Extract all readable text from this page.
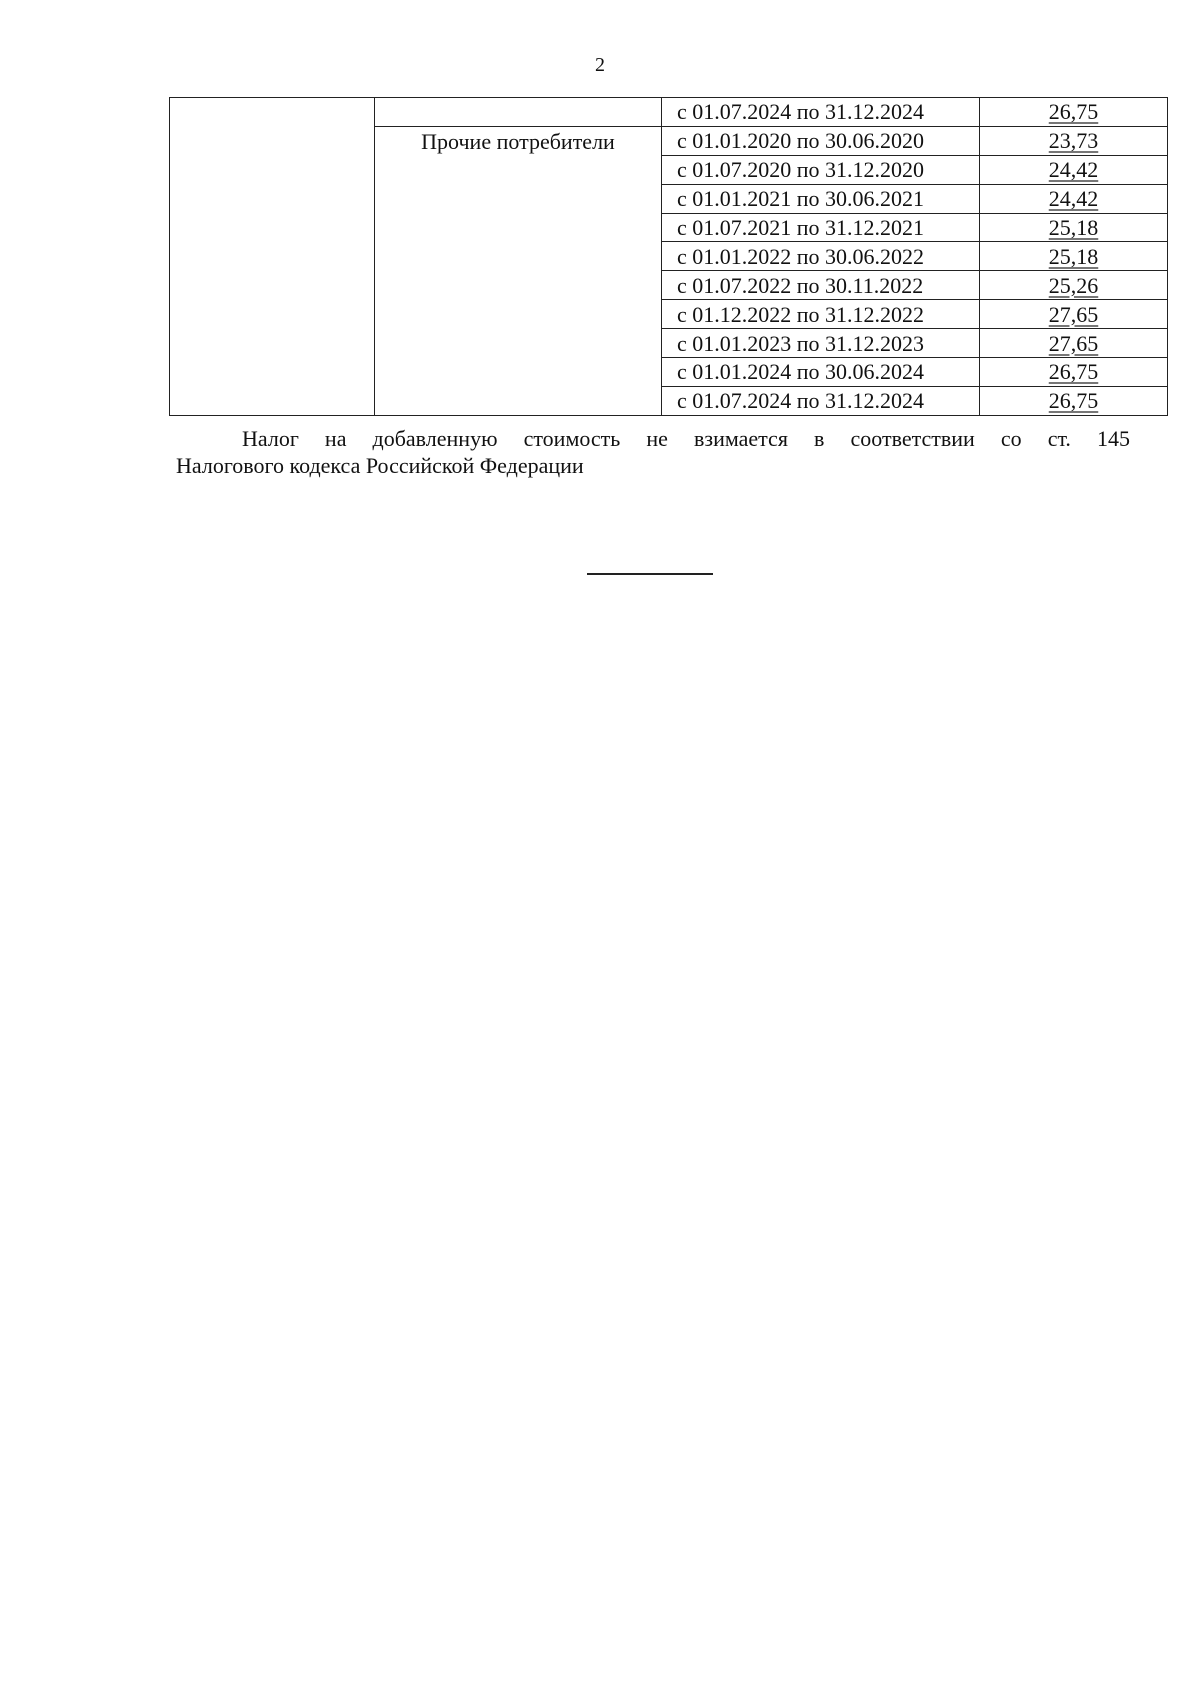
2
		с 01.07.2024 по 31.12.2024	26,75
	Прочие потребители	с 01.01.2020 по 30.06.2020	23,73
		с 01.07.2020 по 31.12.2020	24,42
		с 01.01.2021 по 30.06.2021	24,42
		с 01.07.2021 по 31.12.2021	25,18
		с 01.01.2022 по 30.06.2022	25,18
		с 01.07.2022 по 30.11.2022	25,26
		с 01.12.2022 по 31.12.2022	27,65
		с 01.01.2023 по 31.12.2023	27,65
		с 01.01.2024 по 30.06.2024	26,75
		с 01.07.2024 по 31.12.2024	26,75
Налог на добавленную стоимость не взимается в соответствии со ст. 145
Налогового кодекса Российской Федерации
